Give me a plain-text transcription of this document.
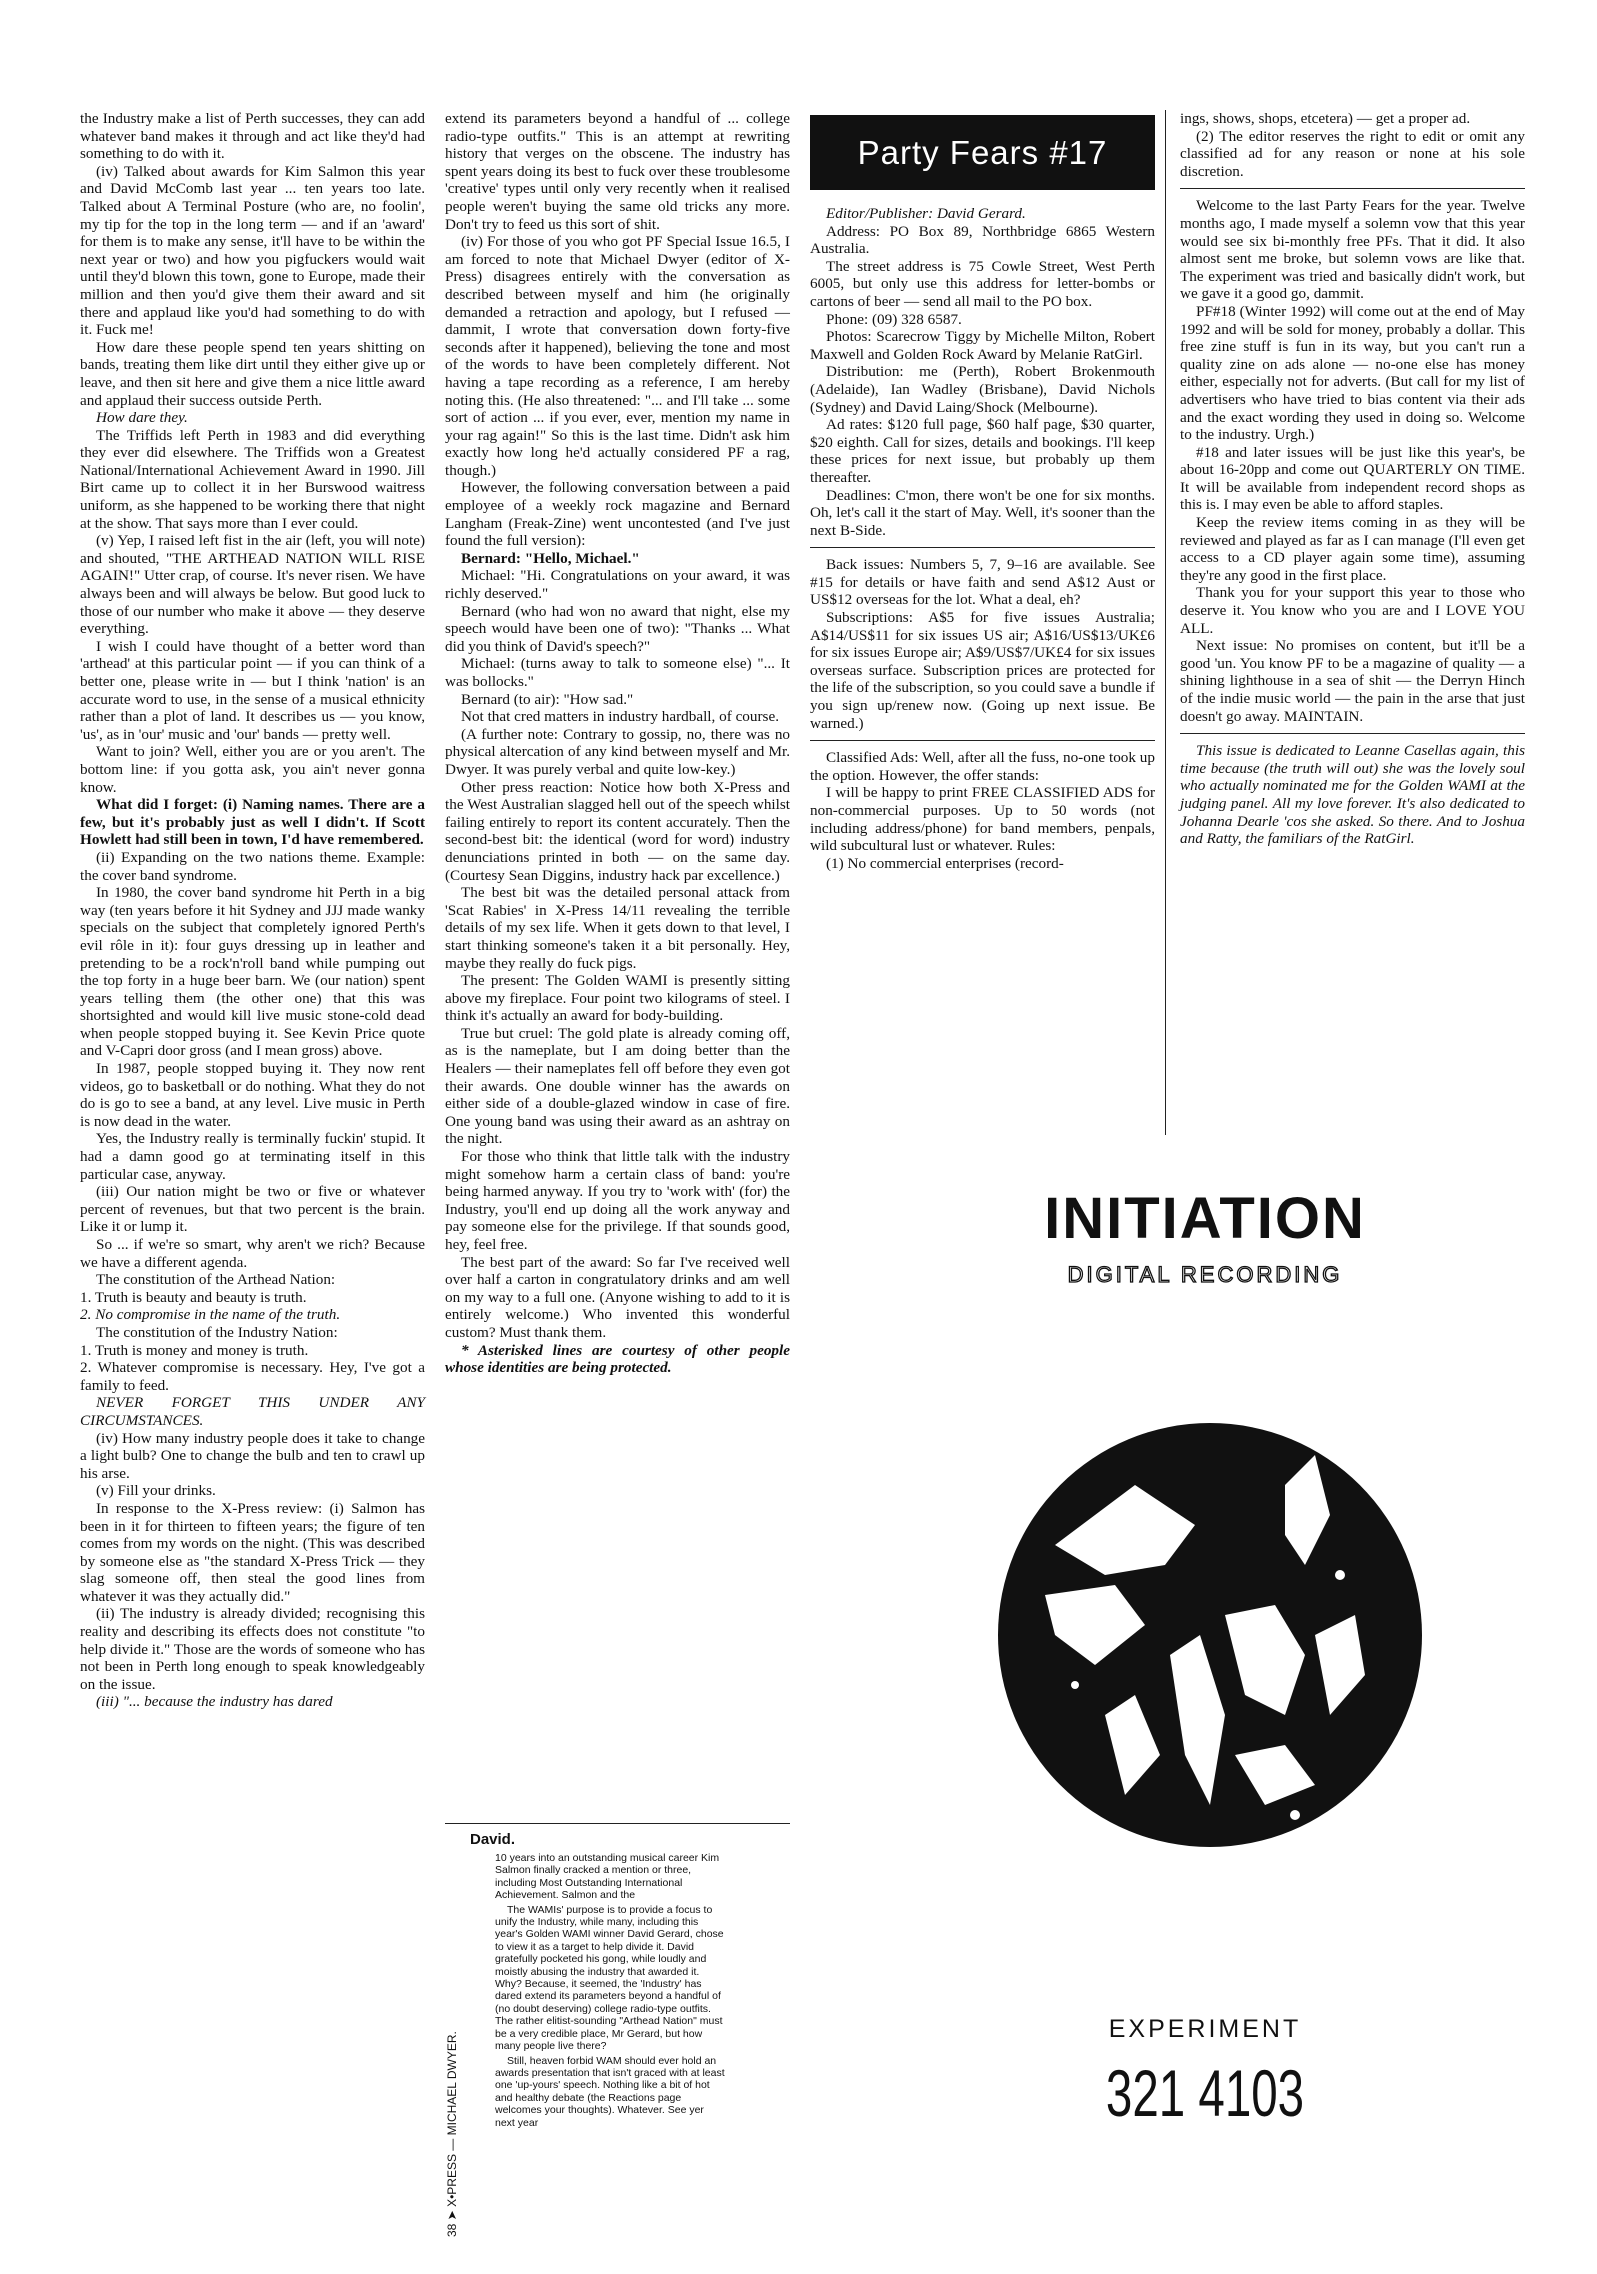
the Industry make a list of Perth successes, they can add whatever band makes it through and act like they'd had something to do with it.

(iv) Talked about awards for Kim Salmon this year and David McComb last year ... ten years too late. Talked about A Terminal Posture (who are, no foolin', my tip for the top in the long term — and if an 'award' for them is to make any sense, it'll have to be within the next year or two) and how you pigfuckers would wait until they'd blown this town, gone to Europe, made their million and then you'd give them their award and sit there and applaud like you'd had something to do with it. Fuck me!

How dare these people spend ten years shitting on bands, treating them like dirt until they either give up or leave, and then sit here and give them a nice little award and applaud their success outside Perth.

How dare they.

The Triffids left Perth in 1983 and did everything they ever did elsewhere. The Triffids won a Greatest National/International Achievement Award in 1990. Jill Birt came up to collect it in her Burswood waitress uniform, as she happened to be working there that night at the show. That says more than I ever could.

(v) Yep, I raised left fist in the air (left, you will note) and shouted, "THE ARTHEAD NATION WILL RISE AGAIN!" Utter crap, of course. It's never risen. We have always been and will always be below. But good luck to those of our number who make it above — they deserve everything.

I wish I could have thought of a better word than 'arthead' at this particular point — if you can think of a better one, please write in — but I think 'nation' is an accurate word to use, in the sense of a musical ethnicity rather than a plot of land. It describes us — you know, 'us', as in 'our' music and 'our' bands — pretty well.

Want to join? Well, either you are or you aren't. The bottom line: if you gotta ask, you ain't never gonna know.

What did I forget: (i) Naming names. There are a few, but it's probably just as well I didn't. If Scott Howlett had still been in town, I'd have remembered.

(ii) Expanding on the two nations theme. Example: the cover band syndrome.

In 1980, the cover band syndrome hit Perth in a big way (ten years before it hit Sydney and JJJ made wanky specials on the subject that completely ignored Perth's evil rôle in it): four guys dressing up in leather and pretending to be a rock'n'roll band while pumping out the top forty in a huge beer barn. We (our nation) spent years telling them (the other one) that this was shortsighted and would kill live music stone-cold dead when people stopped buying it. See Kevin Price quote and V-Capri door gross (and I mean gross) above.

In 1987, people stopped buying it. They now rent videos, go to basketball or do nothing. What they do not do is go to see a band, at any level. Live music in Perth is now dead in the water.

Yes, the Industry really is terminally fuckin' stupid. It had a damn good go at terminating itself in this particular case, anyway.

(iii) Our nation might be two or five or whatever percent of revenues, but that two percent is the brain. Like it or lump it.

So ... if we're so smart, why aren't we rich? Because we have a different agenda.

The constitution of the Arthead Nation:

1. Truth is beauty and beauty is truth.

2. No compromise in the name of the truth.

The constitution of the Industry Nation:

1. Truth is money and money is truth.

2. Whatever compromise is necessary. Hey, I've got a family to feed.

NEVER FORGET THIS UNDER ANY CIRCUMSTANCES.

(iv) How many industry people does it take to change a light bulb? One to change the bulb and ten to crawl up his arse.

(v) Fill your drinks.

In response to the X-Press review: (i) Salmon has been in it for thirteen to fifteen years; the figure of ten comes from my words on the night. (This was described by someone else as "the standard X-Press Trick — they slag someone off, then steal the good lines from whatever it was they actually did."

(ii) The industry is already divided; recognising this reality and describing its effects does not constitute "to help divide it." Those are the words of someone who has not been in Perth long enough to speak knowledgeably on the issue.

(iii) "... because the industry has dared

extend its parameters beyond a handful of ... college radio-type outfits." This is an attempt at rewriting history that verges on the obscene. The industry has spent years doing its best to fuck over these troublesome 'creative' types until only very recently when it realised people weren't buying the same old tricks any more. Don't try to feed us this sort of shit.

(iv) For those of you who got PF Special Issue 16.5, I am forced to note that Michael Dwyer (editor of X-Press) disagrees entirely with the conversation as described between myself and him (he originally demanded a retraction and apology, but I refused — dammit, I wrote that conversation down forty-five seconds after it happened), believing the tone and most of the words to have been completely different. Not having a tape recording as a reference, I am hereby noting this. (He also threatened: "... and I'll take ... some sort of action ... if you ever, ever, mention my name in your rag again!" So this is the last time. Didn't ask him exactly how long he'd actually considered PF a rag, though.)

However, the following conversation between a paid employee of a weekly rock magazine and Bernard Langham (Freak-Zine) went uncontested (and I've just found the full version):

Bernard: "Hello, Michael."

Michael: "Hi. Congratulations on your award, it was richly deserved."

Bernard (who had won no award that night, else my speech would have been one of two): "Thanks ... What did you think of David's speech?"

Michael: (turns away to talk to someone else) "... It was bollocks."

Bernard (to air): "How sad."

Not that cred matters in industry hardball, of course.

(A further note: Contrary to gossip, no, there was no physical altercation of any kind between myself and Mr. Dwyer. It was purely verbal and quite low-key.)

Other press reaction: Notice how both X-Press and the West Australian slagged hell out of the speech whilst failing entirely to report its content accurately. Then the second-best bit: the identical (word for word) industry denunciations printed in both — on the same day. (Courtesy Sean Diggins, industry hack par excellence.)

The best bit was the detailed personal attack from 'Scat Rabies' in X-Press 14/11 revealing the terrible details of my sex life. When it gets down to that level, I start thinking someone's taken it a bit personally. Hey, maybe they really do fuck pigs.

The present: The Golden WAMI is presently sitting above my fireplace. Four point two kilograms of steel. I think it's actually an award for body-building.

True but cruel: The gold plate is already coming off, as is the nameplate, but I am doing better than the Healers — their nameplates fell off before they even got their awards. One double winner has the awards on either side of a double-glazed window in case of fire. One young band was using their award as an ashtray on the night.

For those who think that little talk with the industry might somehow harm a certain class of band: you're being harmed anyway. If you try to 'work with' (for) the Industry, you'll end up doing all the work anyway and pay someone else for the privilege. If that sounds good, hey, feel free.

The best part of the award: So far I've received well over half a carton in congratulatory drinks and am well on my way to a full one. (Anyone wishing to add to it is entirely welcome.) Who invented this wonderful custom? Must thank them.

* Asterisked lines are courtesy of other people whose identities are being protected.

David.
38 ➤ X•PRESS — MICHAEL DWYER.

10 years into an outstanding musical career Kim Salmon finally cracked a mention or three, including Most Outstanding International Achievement. Salmon and the

The WAMIs' purpose is to provide a focus to unify the Industry, while many, including this year's Golden WAMI winner David Gerard, chose to view it as a target to help divide it. David gratefully pocketed his gong, while loudly and moistly abusing the industry that awarded it. Why? Because, it seemed, the 'Industry' has dared extend its parameters beyond a handful of (no doubt deserving) college radio-type outfits. The rather elitist-sounding "Arthead Nation" must be a very credible place, Mr Gerard, but how many people live there?

Still, heaven forbid WAM should ever hold an awards presentation that isn't graced with at least one 'up-yours' speech. Nothing like a bit of hot and healthy debate (the Reactions page welcomes your thoughts). Whatever. See yer next year

Party Fears #17

Editor/Publisher: David Gerard.

Address: PO Box 89, Northbridge 6865 Western Australia.

The street address is 75 Cowle Street, West Perth 6005, but only use this address for letter-bombs or cartons of beer — send all mail to the PO box.

Phone: (09) 328 6587.

Photos: Scarecrow Tiggy by Michelle Milton, Robert Maxwell and Golden Rock Award by Melanie RatGirl.

Distribution: me (Perth), Robert Brokenmouth (Adelaide), Ian Wadley (Brisbane), David Nichols (Sydney) and David Laing/Shock (Melbourne).

Ad rates: $120 full page, $60 half page, $30 quarter, $20 eighth. Call for sizes, details and bookings. I'll keep these prices for next issue, but probably up them thereafter.

Deadlines: C'mon, there won't be one for six months. Oh, let's call it the start of May. Well, it's sooner than the next B-Side.

Back issues: Numbers 5, 7, 9–16 are available. See #15 for details or have faith and send A$12 Aust or US$12 overseas for the lot. What a deal, eh?

Subscriptions: A$5 for five issues Australia; A$14/US$11 for six issues US air; A$16/US$13/UK£6 for six issues Europe air; A$9/US$7/UK£4 for six issues overseas surface. Subscription prices are protected for the life of the subscription, so you could save a bundle if you sign up/renew now. (Going up next issue. Be warned.)

Classified Ads: Well, after all the fuss, no-one took up the option. However, the offer stands:

I will be happy to print FREE CLASSIFIED ADS for non-commercial purposes. Up to 50 words (not including address/phone) for band members, penpals, wild subcultural lust or whatever. Rules:

(1) No commercial enterprises (record-

ings, shows, shops, etcetera) — get a proper ad.

(2) The editor reserves the right to edit or omit any classified ad for any reason or none at his sole discretion.

Welcome to the last Party Fears for the year. Twelve months ago, I made myself a solemn vow that this year would see six bi-monthly free PFs. That it did. It also almost sent me broke, but solemn vows are like that. The experiment was tried and basically didn't work, but we gave it a good go, dammit.

PF#18 (Winter 1992) will come out at the end of May 1992 and will be sold for money, probably a dollar. This free zine stuff is fun in its way, but you can't run a quality zine on ads alone — no-one else has money either, especially not for adverts. (But call for my list of advertisers who have tried to bias content via their ads and the exact wording they used in doing so. Welcome to the industry. Urgh.)

#18 and later issues will be just like this year's, be about 16-20pp and come out QUARTERLY ON TIME. It will be available from independent record shops as this is. I may even be able to afford staples.

Keep the review items coming in as they will be reviewed and played as far as I can manage (I'll even get access to a CD player again some time), assuming they're any good in the first place.

Thank you for your support this year to those who deserve it. You know who you are and I LOVE YOU ALL.

Next issue: No promises on content, but it'll be a good 'un. You know PF to be a magazine of quality — a shining lighthouse in a sea of shit — the Derryn Hinch of the indie music world — the pain in the arse that just doesn't go away. MAINTAIN.

This issue is dedicated to Leanne Casellas again, this time because (the truth will out) she was the lovely soul who actually nominated me for the Golden WAMI at the judging panel. All my love forever. It's also dedicated to Johanna Dearle 'cos she asked. So there. And to Joshua and Ratty, the familiars of the RatGirl.

INITIATION
DIGITAL RECORDING
EXPERIMENT
321 4103
